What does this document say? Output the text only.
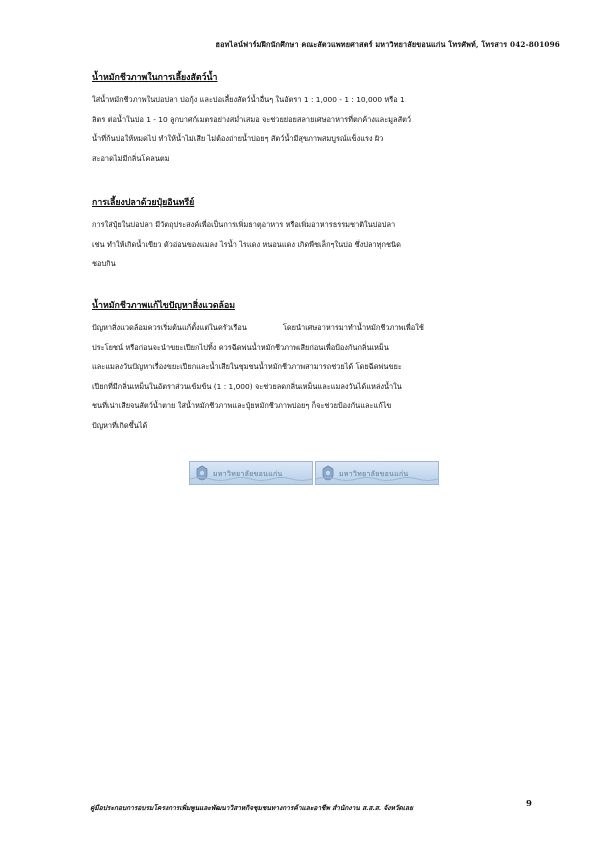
ฮอทไลน์ฟาร์มฝึกนักศึกษา คณะสัตวแพทยศาสตร์ มหาวิทยาลัยขอนแก่น โทรศัพท์, โทรสาร 042-801096
น้ำหมักชีวภาพในการเลี้ยงสัตว์น้ำ

ใส่น้ำหมักชีวภาพในบ่อปลา บ่อกุ้ง และบ่อเลี้ยงสัตว์น้ำอื่นๆ ในอัตรา 1 : 1,000 - 1 : 10,000 หรือ 1
ลิตร ต่อน้ำในบ่อ 1 - 10 ลูกบาศก์เมตรอย่างสม่ำเสมอ จะช่วยย่อยสลายเศษอาหารที่ตกค้างและมูลสัตว์
น้ำที่ก้นบ่อให้หมดไป ทำให้น้ำไม่เสีย ไม่ต้องถ่ายน้ำบ่อยๆ สัตว์น้ำมีสุขภาพสมบูรณ์แข็งแรง ผิว
สะอาดไม่มีกลิ่นโคลนตม

การเลี้ยงปลาด้วยปุ๋ยอินทรีย์

การใส่ปุ๋ยในบ่อปลา มีวัตถุประสงค์เพื่อเป็นการเพิ่มธาตุอาหาร หรือเพิ่มอาหารธรรมชาติในบ่อปลา
เช่น ทำให้เกิดน้ำเขียว ตัวอ่อนของแมลง ไรน้ำ ไรแดง หนอนแดง เกิดพืชเล็กๆในบ่อ ซึ่งปลาทุกชนิด
ชอบกิน

น้ำหมักชีวภาพแก้ไขปัญหาสิ่งแวดล้อม

ปัญหาสิ่งแวดล้อมควรเริ่มต้นแก้ตั้งแต่ในครัวเรือน	โดยนำเศษอาหารมาทำน้ำหมักชีวภาพเพื่อใช้
ประโยชน์ หรือก่อนจะนำขยะเปียกไปทิ้ง ควรฉีดพ่นน้ำหมักชีวภาพเสียก่อนเพื่อป้องกันกลิ่นเหม็น
และแมลงวันปัญหาเรื่องขยะเปียกและน้ำเสียในชุมชนน้ำหมักชีวภาพสามารถช่วยได้ โดยฉีดพ่นขยะ
เปียกที่มีกลิ่นเหม็นในอัตราส่วนเข้มข้น (1 : 1,000) จะช่วยลดกลิ่นเหม็นและแมลงวันได้แหล่งน้ำใน
ชนที่เน่าเสียจนสัตว์น้ำตาย ใส่น้ำหมักชีวภาพและปุ๋ยหมักชีวภาพบ่อยๆ ก็จะช่วยป้องกันและแก้ไข
ปัญหาที่เกิดขึ้นได้

มหาวิทยาลัยขอนแก่น	มหาวิทยาลัยขอนแก่น
คู่มือประกอบการอบรมโครงการเพิ่มพูนและพัฒนาวิสาหกิจชุมชนทางการค้าและอาชีพ สำนักงาน ส.ส.ส. จังหวัดเลย	9
